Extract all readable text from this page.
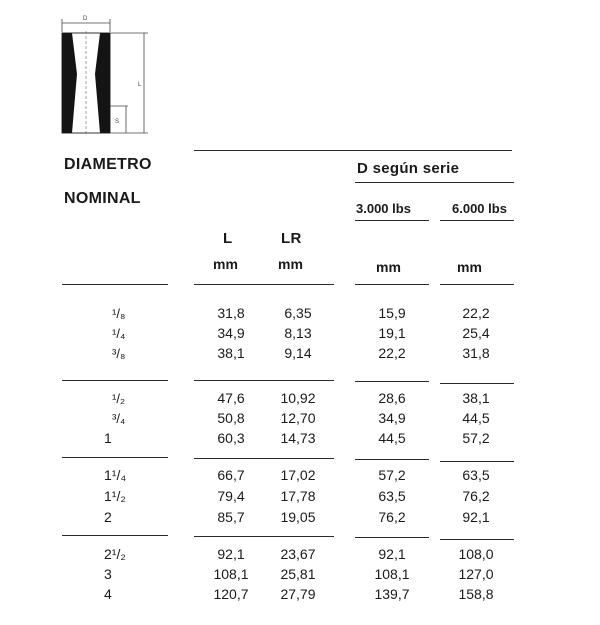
D
L
S
DIAMETRO
NOMINAL
D según serie
3.000 lbs	6.000 lbs
L	LR
mm	mm	mm	mm
¹/₈	31,8	6,35	15,9	22,2
¹/₄	34,9	8,13	19,1	25,4
³/₈	38,1	9,14	22,2	31,8
¹/₂	47,6	10,92	28,6	38,1
³/₄	50,8	12,70	34,9	44,5
1	60,3	14,73	44,5	57,2
1¹/₄	66,7	17,02	57,2	63,5
1¹/₂	79,4	17,78	63,5	76,2
2	85,7	19,05	76,2	92,1
2¹/₂	92,1	23,67	92,1	108,0
3	108,1	25,81	108,1	127,0
4	120,7	27,79	139,7	158,8
